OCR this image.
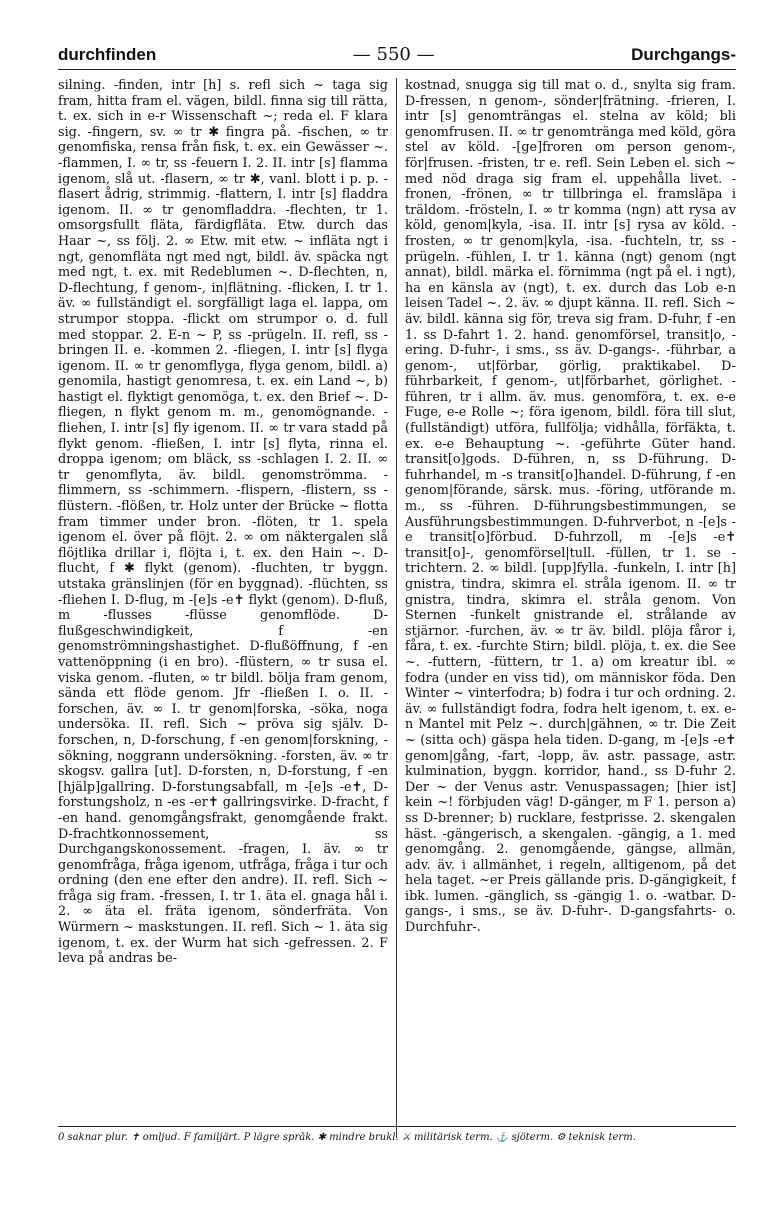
durchfinden	— 550 —	Durchgangs-

silning. -finden, intr [h] s. refl sich ~ taga sig fram, hitta fram el. vägen, bildl. finna sig till rätta, t. ex. sich in e-r Wissenschaft ~; reda el. F klara sig. -fingern, sv. ∞ tr ✱ fingra på. -fischen, ∞ tr genomfiska, rensa från fisk, t. ex. ein Gewässer ~. -flammen, I. ∞ tr, ss -feuern I. 2. II. intr [s] flamma igenom, slå ut. -flasern, ∞ tr ✱, vanl. blott i p. p. -flasert ådrig, strimmig. -flattern, I. intr [s] fladdra igenom. II. ∞ tr genomfladdra. -flechten, tr 1. omsorgsfullt fläta, färdigfläta. Etw. durch das Haar ~, ss följ. 2. ∞ Etw. mit etw. ~ infläta ngt i ngt, genomfläta ngt med ngt, bildl. äv. späcka ngt med ngt, t. ex. mit Redeblumen ~. D-flechten, n, D-flechtung, f genom-, in|flätning. -flicken, I. tr 1. äv. ∞ fullständigt el. sorgfälligt laga el. lappa, om strumpor stoppa. -flickt om strumpor o. d. full med stoppar. 2. E-n ~ P, ss -prügeln. II. refl, ss -bringen II. e. -kommen 2. -fliegen, I. intr [s] flyga igenom. II. ∞ tr genomflyga, flyga genom, bildl. a) genomila, hastigt genomresa, t. ex. ein Land ~, b) hastigt el. flyktigt genomöga, t. ex. den Brief ~. D-fliegen, n flykt genom m. m., genomögnande. -fliehen, I. intr [s] fly igenom. II. ∞ tr vara stadd på flykt genom. -fließen, I. intr [s] flyta, rinna el. droppa igenom; om bläck, ss -schlagen I. 2. II. ∞ tr genomflyta, äv. bildl. genomströmma. -flimmern, ss -schimmern. -flispern, -flistern, ss -flüstern. -flößen, tr. Holz unter der Brücke ~ flotta fram timmer under bron. -flöten, tr 1. spela igenom el. över på flöjt. 2. ∞ om näktergalen slå flöjtlika drillar i, flöjta i, t. ex. den Hain ~. D-flucht, f ✱ flykt (genom). -fluchten, tr byggn. utstaka gränslinjen (för en byggnad). -flüchten, ss -fliehen I. D-flug, m -[e]s -e✝ flykt (genom). D-fluß, m -flusses -flüsse genomflöde. D-flußgeschwindigkeit, f -en genomströmningshastighet. D-flußöffnung, f -en vattenöppning (i en bro). -flüstern, ∞ tr susa el. viska genom. -fluten, ∞ tr bildl. bölja fram genom, sända ett flöde genom. Jfr -fließen I. o. II. -forschen, äv. ∞ I. tr genom|forska, -söka, noga undersöka. II. refl. Sich ~ pröva sig själv. D-forschen, n, D-forschung, f -en genom|forskning, -sökning, noggrann undersökning. -forsten, äv. ∞ tr skogsv. gallra [ut]. D-forsten, n, D-forstung, f -en [hjälp]gallring. D-forstungsabfall, m -[e]s -e✝, D-forstungsholz, n -es -er✝ gallringsvirke. D-fracht, f -en hand. genomgångsfrakt, genomgående frakt. D-frachtkonnossement, ss Durchgangskonossement. -fragen, I. äv. ∞ tr genomfråga, fråga igenom, utfråga, fråga i tur och ordning (den ene efter den andre). II. refl. Sich ~ fråga sig fram. -fressen, I. tr 1. äta el. gnaga hål i. 2. ∞ äta el. fräta igenom, sönderfräta. Von Würmern ~ maskstungen. II. refl. Sich ~ 1. äta sig igenom, t. ex. der Wurm hat sich -gefressen. 2. F leva på andras be-

kostnad, snugga sig till mat o. d., snylta sig fram. D-fressen, n genom-, sönder|frätning. -frieren, I. intr [s] genomträngas el. stelna av köld; bli genomfrusen. II. ∞ tr genomtränga med köld, göra stel av köld. -[ge]froren om person genom-, för|frusen. -fristen, tr e. refl. Sein Leben el. sich ~ med nöd draga sig fram el. uppehålla livet. -fronen, -frönen, ∞ tr tillbringa el. framsläpa i träldom. -frösteln, I. ∞ tr komma (ngn) att rysa av köld, genom|kyla, -isa. II. intr [s] rysa av köld. -frosten, ∞ tr genom|kyla, -isa. -fuchteln, tr, ss -prügeln. -fühlen, I. tr 1. känna (ngt) genom (ngt annat), bildl. märka el. förnimma (ngt på el. i ngt), ha en känsla av (ngt), t. ex. durch das Lob e-n leisen Tadel ~. 2. äv. ∞ djupt känna. II. refl. Sich ~ äv. bildl. känna sig för, treva sig fram. D-fuhr, f -en 1. ss D-fahrt 1. 2. hand. genomförsel, transit|o, -ering. D-fuhr-, i sms., ss äv. D-gangs-. -führbar, a genom-, ut|förbar, görlig, praktikabel. D-führbarkeit, f genom-, ut|förbarhet, görlighet. -führen, tr i allm. äv. mus. genomföra, t. ex. e-e Fuge, e-e Rolle ~; föra igenom, bildl. föra till slut, (fullständigt) utföra, fullfölja; vidhålla, förfäkta, t. ex. e-e Behauptung ~. -geführte Güter hand. transit[o]gods. D-führen, n, ss D-führung. D-fuhrhandel, m -s transit[o]handel. D-führung, f -en genom|förande, särsk. mus. -föring, utförande m. m., ss -führen. D-führungsbestimmungen, se Ausführungsbestimmungen. D-fuhrverbot, n -[e]s -e transit[o]förbud. D-fuhrzoll, m -[e]s -e✝ transit[o]-, genomförsel|tull. -füllen, tr 1. se -trichtern. 2. ∞ bildl. [upp]fylla. -funkeln, I. intr [h] gnistra, tindra, skimra el. stråla igenom. II. ∞ tr gnistra, tindra, skimra el. stråla genom. Von Sternen -funkelt gnistrande el. strålande av stjärnor. -furchen, äv. ∞ tr äv. bildl. plöja fåror i, fåra, t. ex. -furchte Stirn; bildl. plöja, t. ex. die See ~. -futtern, -füttern, tr 1. a) om kreatur ibl. ∞ fodra (under en viss tid), om människor föda. Den Winter ~ vinterfodra; b) fodra i tur och ordning. 2. äv. ∞ fullständigt fodra, fodra helt igenom, t. ex. e-n Mantel mit Pelz ~. durch|gähnen, ∞ tr. Die Zeit ~ (sitta och) gäspa hela tiden. D-gang, m -[e]s -e✝ genom|gång, -fart, -lopp, äv. astr. passage, astr. kulmination, byggn. korridor, hand., ss D-fuhr 2. Der ~ der Venus astr. Venuspassagen; [hier ist] kein ~! förbjuden väg! D-gänger, m F 1. person a) ss D-brenner; b) rucklare, festprisse. 2. skengalen häst. -gängerisch, a skengalen. -gängig, a 1. med genomgång. 2. genomgående, gängse, allmän, adv. äv. i allmänhet, i regeln, alltigenom, på det hela taget. ~er Preis gällande pris. D-gängigkeit, f ibk. lumen. -gänglich, ss -gängig 1. o. -watbar. D-gangs-, i sms., se äv. D-fuhr-. D-gangsfahrts- o. Durchfuhr-.

0 saknar plur. ✝ omljud. F familjärt. P lägre språk. ✱ mindre brukl. ⚔ militärisk term. ⚓ sjöterm. ⚙ teknisk term.
